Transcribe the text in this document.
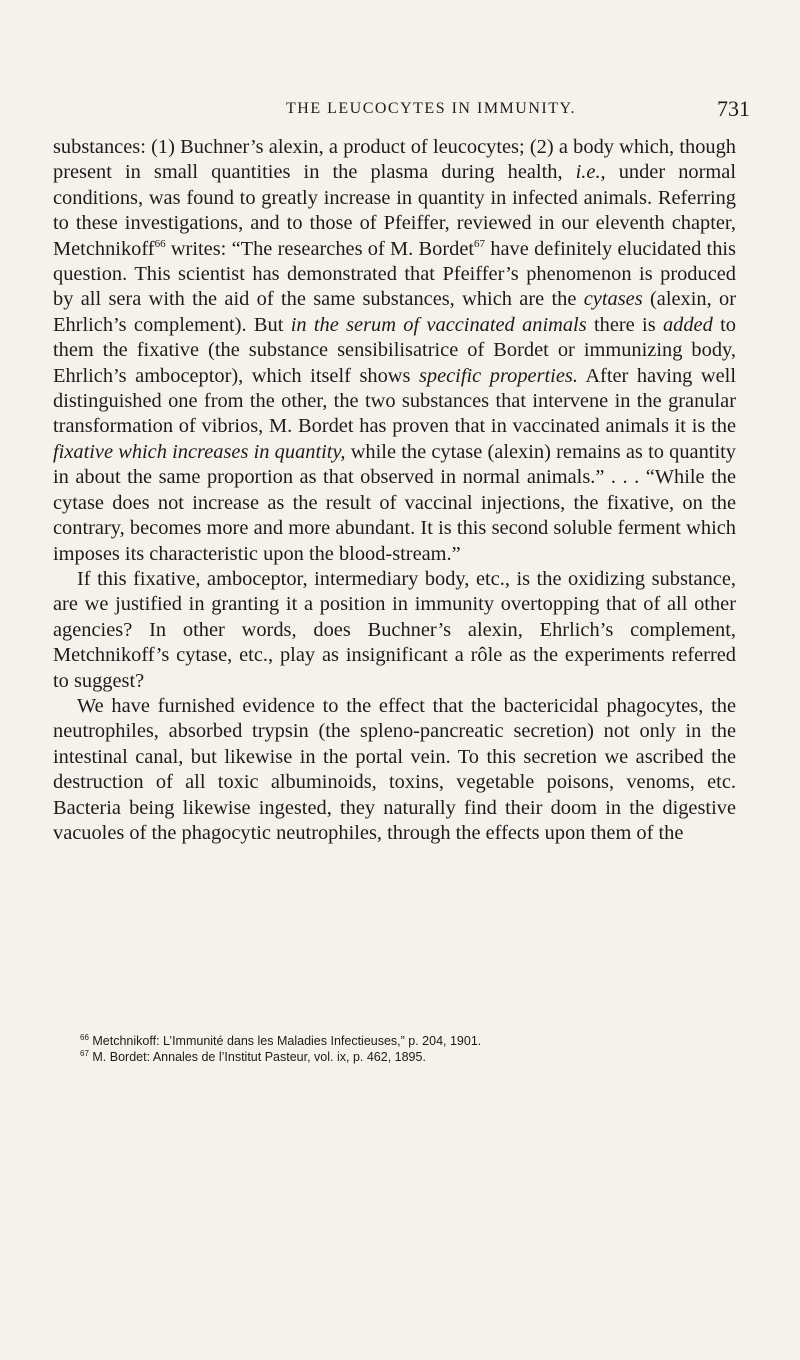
THE LEUCOCYTES IN IMMUNITY.	731

substances: (1) Buchner’s alexin, a product of leucocytes; (2) a body which, though present in small quantities in the plasma during health, i.e., under normal conditions, was found to greatly increase in quantity in infected animals. Referring to these investigations, and to those of Pfeiffer, reviewed in our eleventh chapter, Metchnikoff$^{66}$ writes: “The researches of M. Bordet$^{67}$ have definitely elucidated this question. This scientist has demonstrated that Pfeiffer’s phenomenon is produced by all sera with the aid of the same substances, which are the cytases (alexin, or Ehrlich’s complement). But in the serum of vaccinated animals there is added to them the fixative (the substance sensibilisatrice of Bordet or immunizing body, Ehrlich’s amboceptor), which itself shows specific properties. After having well distinguished one from the other, the two substances that intervene in the granular transformation of vibrios, M. Bordet has proven that in vaccinated animals it is the fixative which increases in quantity, while the cytase (alexin) remains as to quantity in about the same proportion as that observed in normal animals.” . . . “While the cytase does not increase as the result of vaccinal injections, the fixative, on the contrary, becomes more and more abundant. It is this second soluble ferment which imposes its characteristic upon the blood-stream.”

If this fixative, amboceptor, intermediary body, etc., is the oxidizing substance, are we justified in granting it a position in immunity overtopping that of all other agencies? In other words, does Buchner’s alexin, Ehrlich’s complement, Metchnikoff’s cytase, etc., play as insignificant a rôle as the experiments referred to suggest?

We have furnished evidence to the effect that the bactericidal phagocytes, the neutrophiles, absorbed trypsin (the spleno-pancreatic secretion) not only in the intestinal canal, but likewise in the portal vein. To this secretion we ascribed the destruction of all toxic albuminoids, toxins, vegetable poisons, venoms, etc. Bacteria being likewise ingested, they naturally find their doom in the digestive vacuoles of the phagocytic neutrophiles, through the effects upon them of the

$^{66}$ Metchnikoff: L’Immunité dans les Maladies Infectieuses,” p. 204, 1901.
$^{67}$ M. Bordet: Annales de l’Institut Pasteur, vol. ix, p. 462, 1895.
